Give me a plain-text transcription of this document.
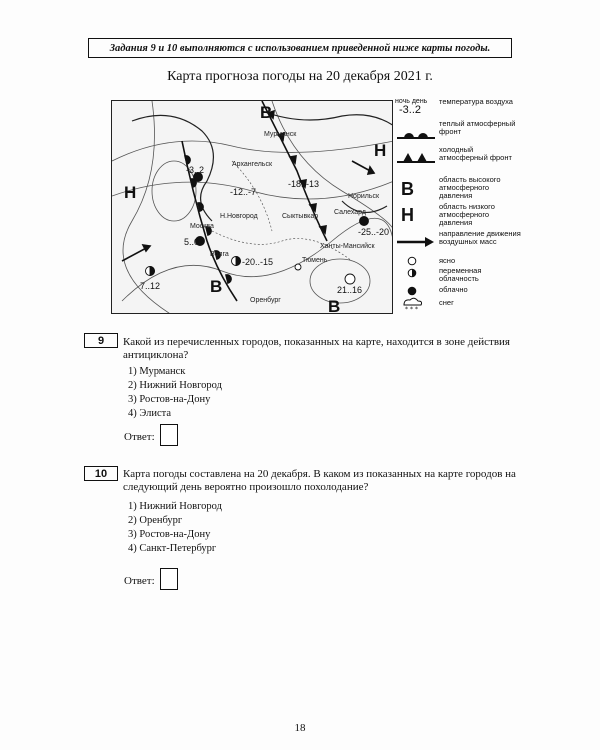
Задания 9 и 10 выполняются с использованием приведенной ниже карты погоды.
Карта прогноза погоды на 20 декабря 2021 г.
В
Н
Н
В
В
-3..2
-12..-7
-18..-13
5..0
-20..-15
7..12
-25..-20
21..16
Мурманск
Архангельск
Москва
Н.Новгород
Волга
Тюмень
Салехард
Сыктывкар
Оренбург
Ханты-Мансийск
Норильск
ночь день
-3..2
температура воздуха
теплый атмосферный фронт
холодный атмосферный фронт
В	область высокого атмосферного давления
Н	область низкого атмосферного давления
направление движения воздушных масс
ясно
переменная облачность
облачно
* * *
снег
9	Какой из перечисленных городов, показанных на карте, находится в зоне действия антициклона?
1) Мурманск
2) Нижний Новгород
3) Ростов-на-Дону
4) Элиста
Ответ:
10	Карта погоды составлена на 20 декабря. В каком из показанных на карте городов на следующий день вероятно произошло похолодание?
1) Нижний Новгород
2) Оренбург
3) Ростов-на-Дону
4) Санкт-Петербург
Ответ:
18
